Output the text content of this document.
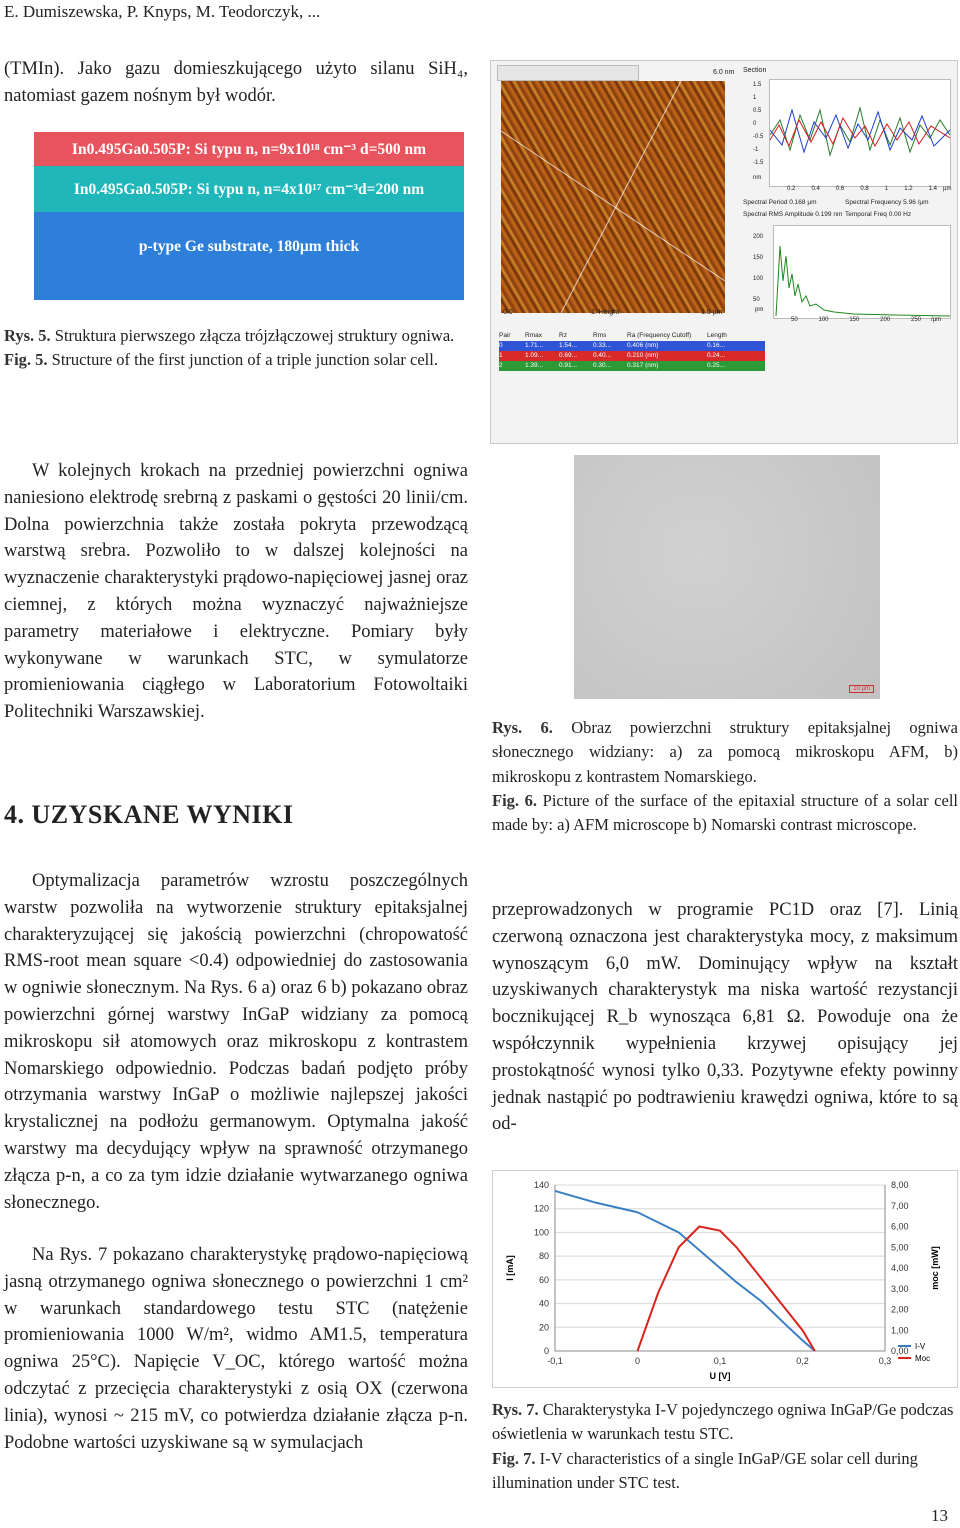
E. Dumiszewska, P. Knyps, M. Teodorczyk, ...
(TMIn). Jako gazu domieszkującego użyto silanu SiH₄, natomiast gazem nośnym był wodór.
In0.495Ga0.505P: Si typu n, n=9x10¹⁸ cm⁻³ d=500 nm
In0.495Ga0.505P: Si typu n, n=4x10¹⁷ cm⁻³d=200 nm
p-type Ge substrate, 180µm thick
Rys. 5. Struktura pierwszego złącza trójzłączowej struktury ogniwa.
Fig. 5. Structure of the first junction of a triple junction solar cell.
W kolejnych krokach na przedniej powierzchni ogniwa naniesiono elektrodę srebrną z paskami o gęstości 20 linii/cm. Dolna powierzchnia także została pokryta przewodzącą warstwą srebra. Pozwoliło to w dalszej kolejności na wyznaczenie charakterystyki prądowo-napięciowej jasnej oraz ciemnej, z których można wyznaczyć najważniejsze parametry materiałowe i elektryczne. Pomiary były wykonywane w warunkach STC, w symulatorze promieniowania ciągłego w Laboratorium Fotowoltaiki Politechniki Warszawskiej.
4. UZYSKANE WYNIKI
Optymalizacja parametrów wzrostu poszczególnych warstw pozwoliła na wytworzenie struktury epitaksjalnej charakteryzującej się jakością powierzchni (chropowatość RMS-root mean square <0.4) odpowiedniej do zastosowania w ogniwie słonecznym. Na Rys. 6 a) oraz 6 b) pokazano obraz powierzchni górnej warstwy InGaP widziany za pomocą mikroskopu sił atomowych oraz mikroskopu z kontrastem Nomarskiego odpowiednio. Podczas badań podjęto próby otrzymania warstwy InGaP o możliwie najlepszej jakości krystalicznej na podłożu germanowym. Optymalna jakość warstwy ma decydujący wpływ na sprawność otrzymanego złącza p-n, a co za tym idzie działanie wytwarzanego ogniwa słonecznego.
Na Rys. 7 pokazano charakterystykę prądowo-napięciową jasną otrzymanego ogniwa słonecznego o powierzchni 1 cm² w warunkach standardowego testu STC (natężenie promieniowania 1000 W/m², widmo AM1.5, temperatura ogniwa 25°C). Napięcie V_OC, którego wartość można odczytać z przecięcia charakterystyki z osią OX (czerwona linia), wynosi ~ 215 mV, co potwierdza działanie złącza p-n. Podobne wartości uzyskiwane są w symulacjach
6.0 nm
0.0	1: Height	1.0 µm
Section
1.5
1
0.5
0
-0.5
-1
-1.5
nm
0.2	0.4	0.6	0.8	1	1.2	1.4 µm
Spectral Period 0.168 µm	Spectral Frequency 5.96 /µm
Spectral RMS Amplitude 0.199 nm Temporal Freq 0.00 Hz
200
150
100
50
pm
50	100	150	200	250 /µm
Pair	Rmax	Rz	Rms	Ra (Frequency Cutoff)	Length
0	1.71...	1.54...	0.33...	0.406 (nm)	0.16...
1	1.09...	0.69...	0.40...	0.210 (nm)	0.24...
2	1.39...	0.91...	0.30...	0.317 (nm)	0.25...
10 µm
Rys. 6. Obraz powierzchni struktury epitaksjalnej ogniwa słonecznego widziany: a) za pomocą mikroskopu AFM, b) mikroskopu z kontrastem Nomarskiego.
Fig. 6. Picture of the surface of the epitaxial structure of a solar cell made by: a) AFM microscope b) Nomarski contrast microscope.
przeprowadzonych w programie PC1D oraz [7]. Linią czerwoną oznaczona jest charakterystyka mocy, z maksimum wynoszącym 6,0 mW. Dominujący wpływ na kształt uzyskiwanych charakterystyk ma niska wartość rezystancji bocznikującej R_b wynosząca 6,81 Ω. Powoduje ona że współczynnik wypełnienia krzywej opisujący jej prostokątność wynosi tylko 0,33. Pozytywne efekty powinny jednak nastąpić po podtrawieniu krawędzi ogniwa, które to są od-
0
20
40
60
80
100
120
140
0,00
1,00
2,00
3,00
4,00
5,00
6,00
7,00
8,00
-0,1	0	0,1	0,2	0,3
U [V]
I [mA]	moc [mW]
I-V
Moc
Rys. 7. Charakterystyka I-V pojedynczego ogniwa InGaP/Ge podczas oświetlenia w warunkach testu STC.
Fig. 7. I-V characteristics of a single InGaP/GE solar cell during illumination under STC test.
13
